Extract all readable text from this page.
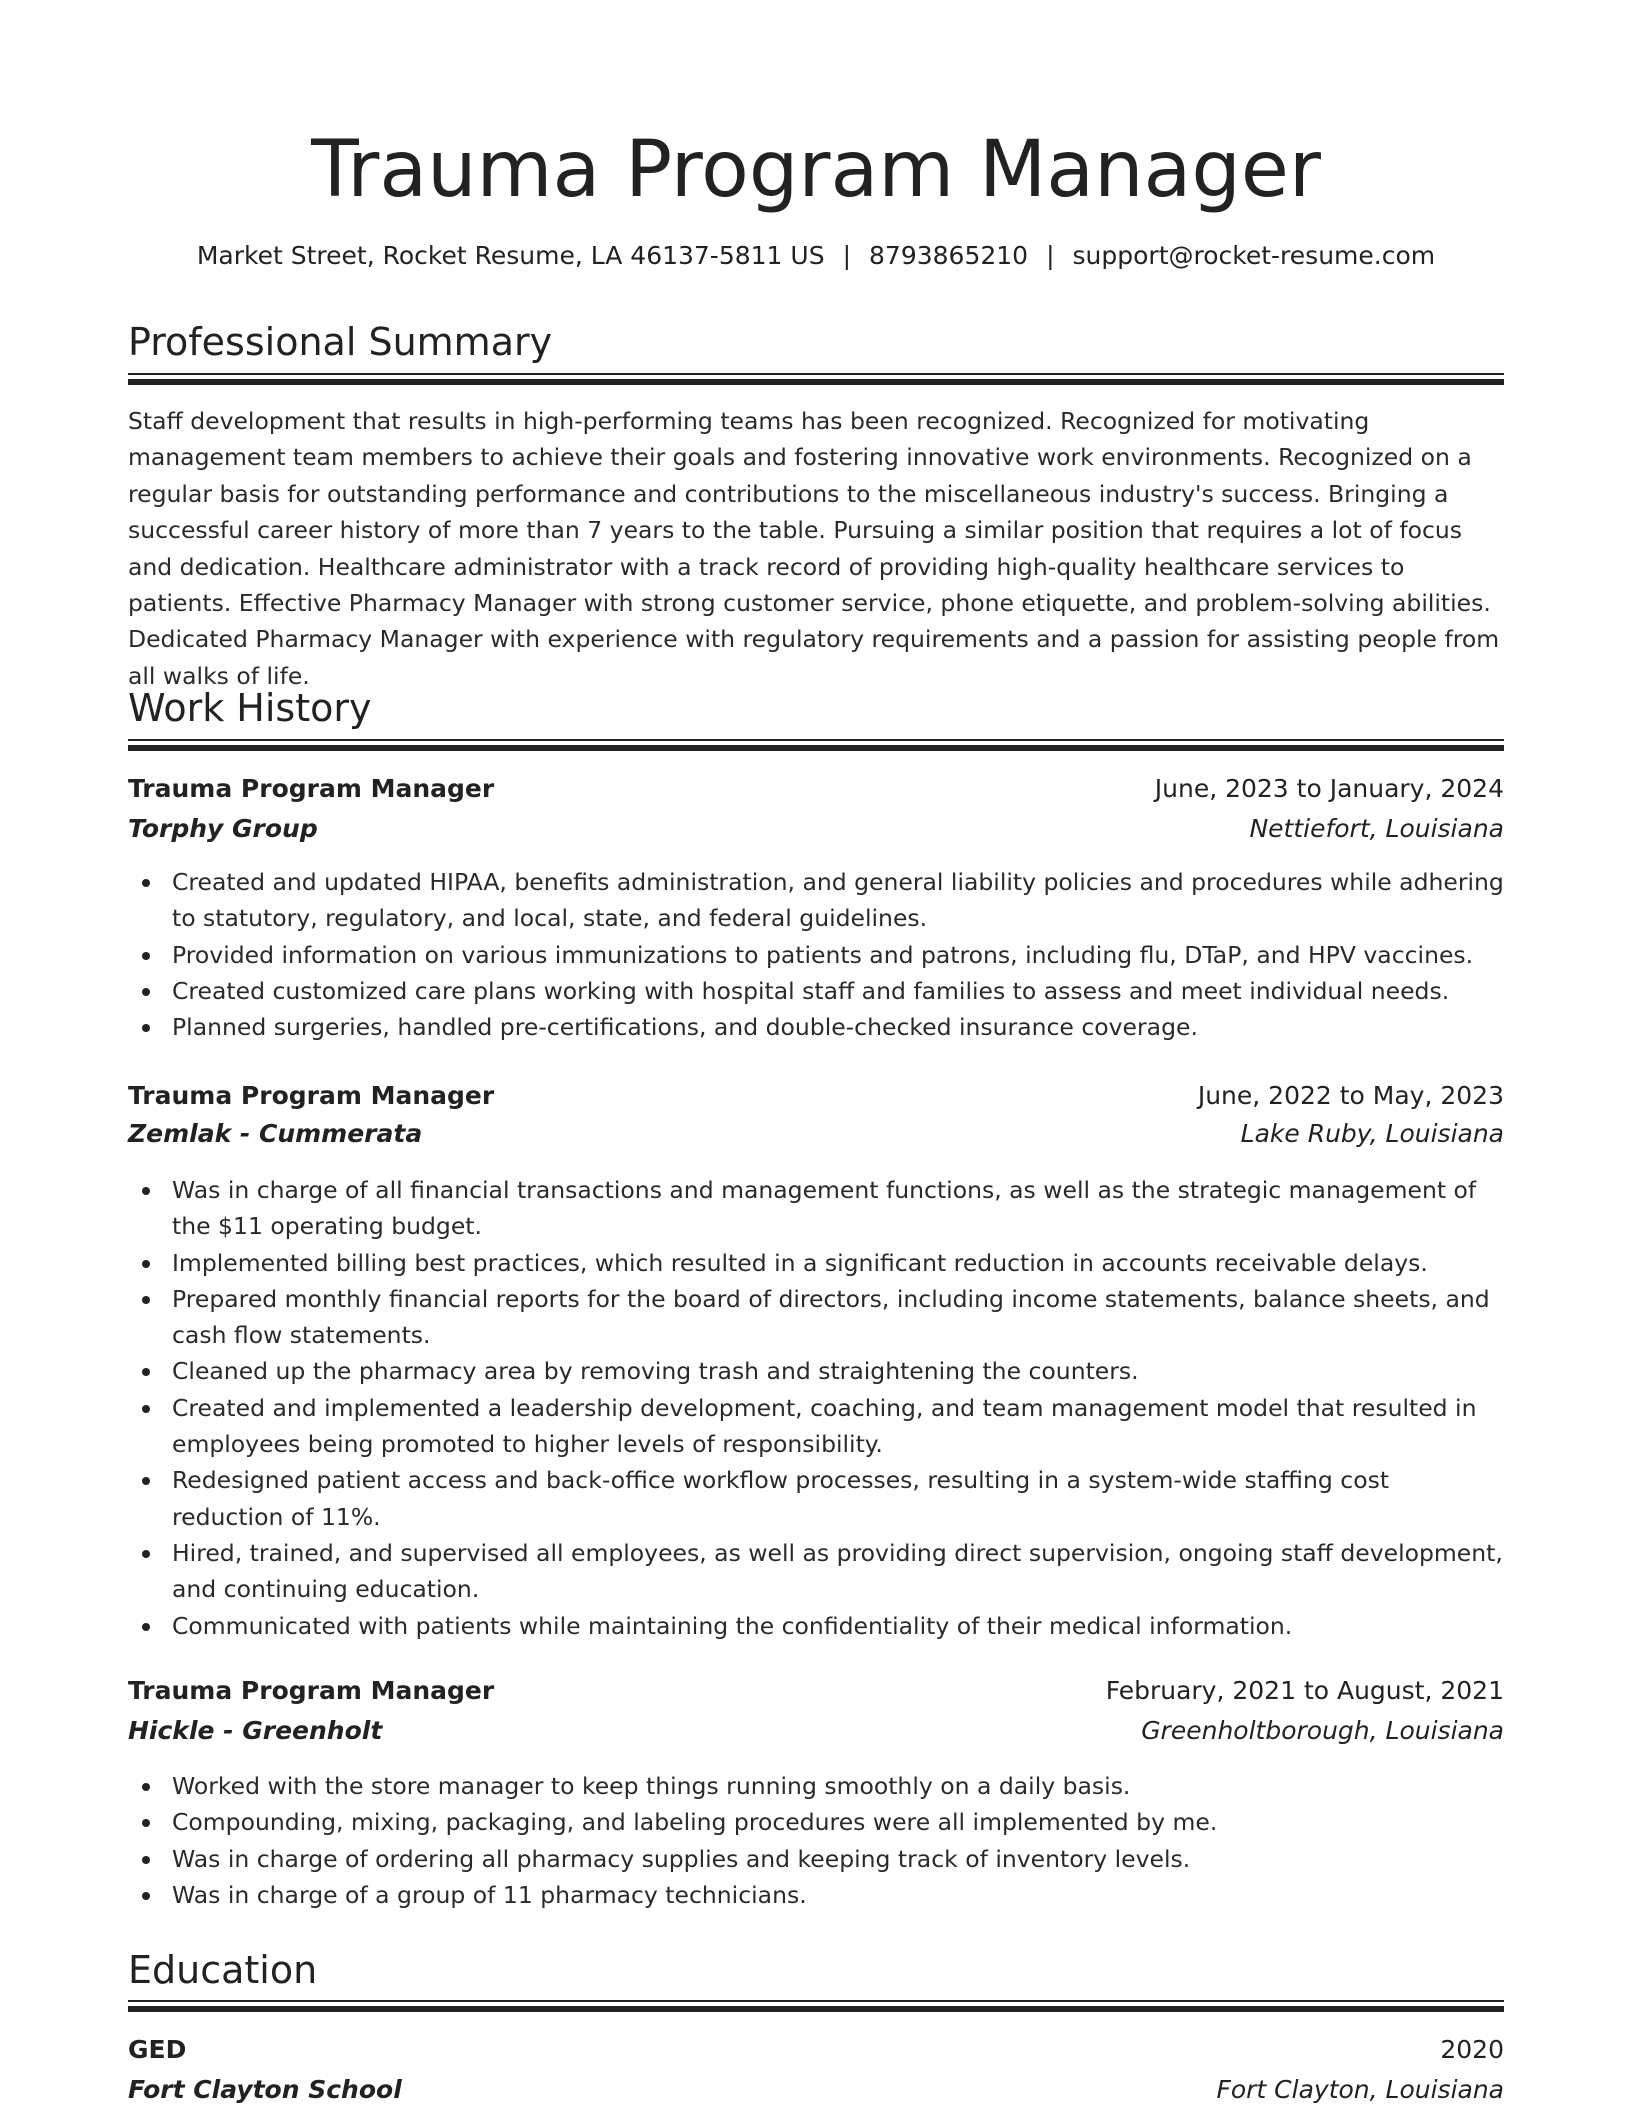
Trauma Program Manager
Market Street, Rocket Resume, LA 46137-5811 US | 8793865210 | support@rocket-resume.com
Professional Summary
Staff development that results in high-performing teams has been recognized. Recognized for motivating management team members to achieve their goals and fostering innovative work environments. Recognized on a regular basis for outstanding performance and contributions to the miscellaneous industry's success. Bringing a successful career history of more than 7 years to the table. Pursuing a similar position that requires a lot of focus and dedication. Healthcare administrator with a track record of providing high-quality healthcare services to patients. Effective Pharmacy Manager with strong customer service, phone etiquette, and problem-solving abilities. Dedicated Pharmacy Manager with experience with regulatory requirements and a passion for assisting people from all walks of life.
Work History
Trauma Program Manager	June, 2023 to January, 2024
Torphy Group	Nettiefort, Louisiana
Created and updated HIPAA, benefits administration, and general liability policies and procedures while adhering to statutory, regulatory, and local, state, and federal guidelines.
Provided information on various immunizations to patients and patrons, including flu, DTaP, and HPV vaccines.
Created customized care plans working with hospital staff and families to assess and meet individual needs.
Planned surgeries, handled pre-certifications, and double-checked insurance coverage.
Trauma Program Manager	June, 2022 to May, 2023
Zemlak - Cummerata	Lake Ruby, Louisiana
Was in charge of all financial transactions and management functions, as well as the strategic management of the $11 operating budget.
Implemented billing best practices, which resulted in a significant reduction in accounts receivable delays.
Prepared monthly financial reports for the board of directors, including income statements, balance sheets, and cash flow statements.
Cleaned up the pharmacy area by removing trash and straightening the counters.
Created and implemented a leadership development, coaching, and team management model that resulted in employees being promoted to higher levels of responsibility.
Redesigned patient access and back-office workflow processes, resulting in a system-wide staffing cost reduction of 11%.
Hired, trained, and supervised all employees, as well as providing direct supervision, ongoing staff development, and continuing education.
Communicated with patients while maintaining the confidentiality of their medical information.
Trauma Program Manager	February, 2021 to August, 2021
Hickle - Greenholt	Greenholtborough, Louisiana
Worked with the store manager to keep things running smoothly on a daily basis.
Compounding, mixing, packaging, and labeling procedures were all implemented by me.
Was in charge of ordering all pharmacy supplies and keeping track of inventory levels.
Was in charge of a group of 11 pharmacy technicians.
Education
GED	2020
Fort Clayton School	Fort Clayton, Louisiana
